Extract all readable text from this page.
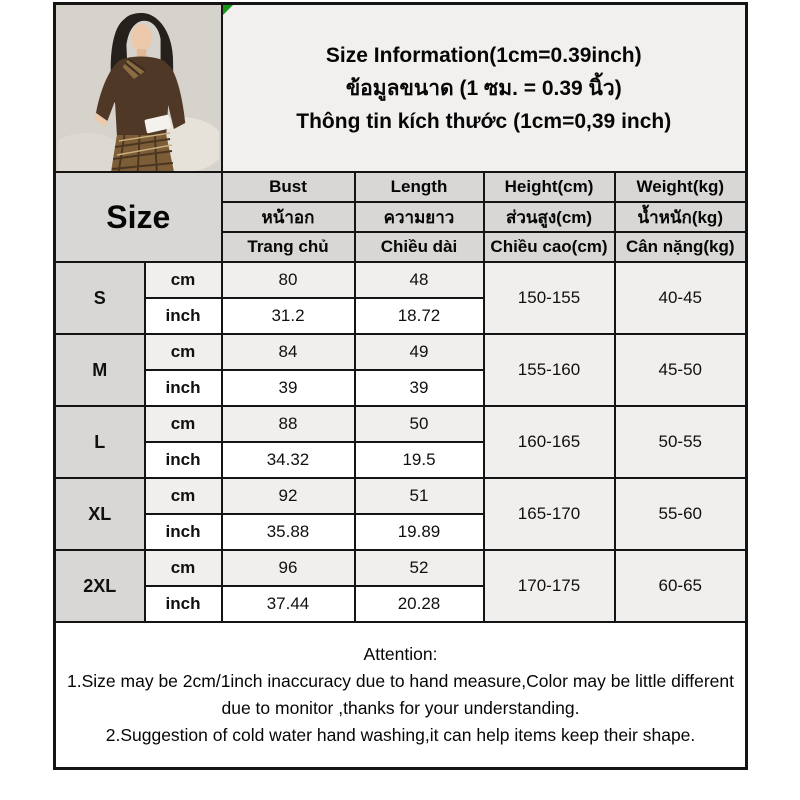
Size Information(1cm=0.39inch)
ข้อมูลขนาด (1 ซม. = 0.39 นิ้ว)
Thông tin kích thước (1cm=0,39 inch)			

Size		Bust	Length	Height(cm)	Weight(kg)
		หน้าอก	ความยาว	ส่วนสูง(cm)	น้ำหนัก(kg)
		Trang chủ	Chiều dài	Chiều cao(cm)	Cân nặng(kg)
S	cm	80	48	150-155	40-45
	inch	31.2	18.72		
M	cm	84	49	155-160	45-50
	inch	39	39		
L	cm	88	50	160-165	50-55
	inch	34.32	19.5		
XL	cm	92	51	165-170	55-60
	inch	35.88	19.89		
2XL	cm	96	52	170-175	60-65
	inch	37.44	20.28		

Attention:
1.Size may be 2cm/1inch inaccuracy due to hand measure,Color may be little different due to monitor ,thanks for your understanding.
2.Suggestion of cold water hand washing,it can help items keep their shape.					
